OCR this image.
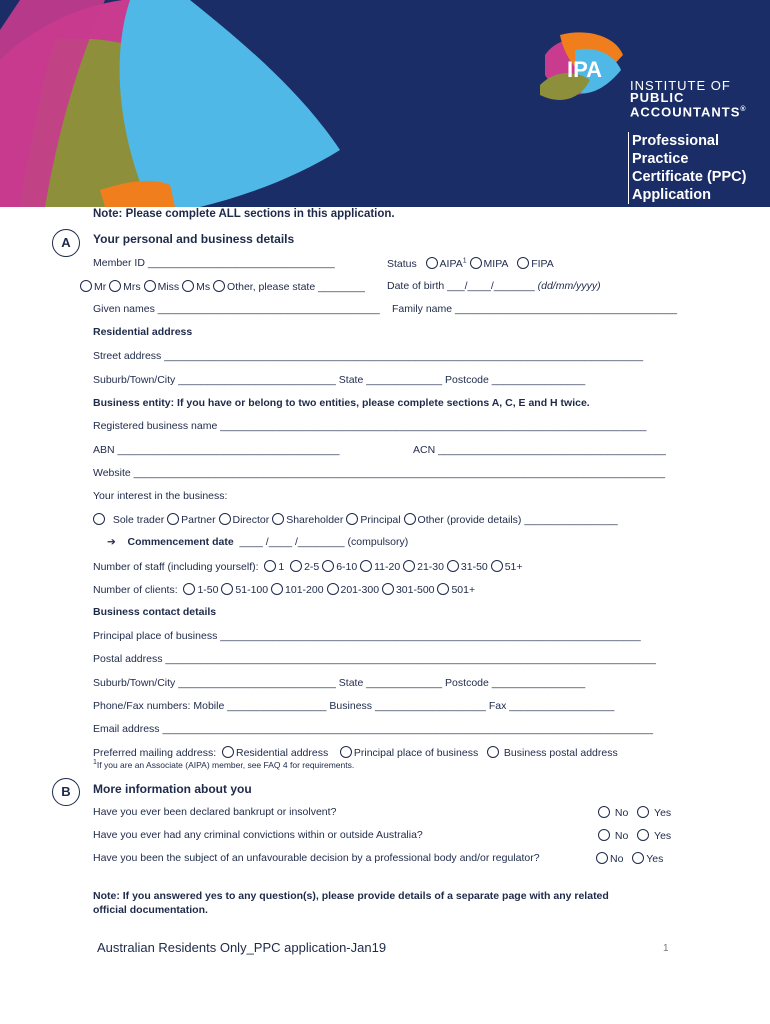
IPA
INSTITUTE OF
PUBLIC
ACCOUNTANTS®
Professional
Practice
Certificate (PPC)
Application
Note: Please complete ALL sections in this application.
A	Your personal and business details
Member ID ________________________________	Status AIPA$^1$ MIPA FIPA
Mr Mrs Miss Ms Other, please state ________ Date of birth ___/____/_______ (dd/mm/yyyy)
Given names ______________________________________ Family name ______________________________________
Residential address
Street address __________________________________________________________________________________
Suburb/Town/City ___________________________ State _____________ Postcode ________________
Business entity: If you have or belong to two entities, please complete sections A, C, E and H twice.
Registered business name _________________________________________________________________________
ABN ______________________________________	ACN _______________________________________
Website ___________________________________________________________________________________________
Your interest in the business:
Sole trader Partner Director Shareholder Principal Other (provide details) ________________
➔ Commencement date ____ /____ /________ (compulsory)
Number of staff (including yourself): 1 2-5 6-10 11-20 21-30 31-50 51+
Number of clients: 1-50 51-100 101-200 201-300 301-500 501+
Business contact details
Principal place of business ________________________________________________________________________
Postal address ____________________________________________________________________________________
Suburb/Town/City ___________________________ State _____________ Postcode ________________
Phone/Fax numbers: Mobile _________________ Business ___________________ Fax __________________
Email address ____________________________________________________________________________________
Preferred mailing address: Residential address Principal place of business Business postal address
$^1$If you are an Associate (AIPA) member, see FAQ 4 for requirements.
B	More information about you
Have you ever been declared bankrupt or insolvent?	No Yes
Have you ever had any criminal convictions within or outside Australia?	No Yes
Have you been the subject of an unfavourable decision by a professional body and/or regulator?	No Yes
Note: If you answered yes to any question(s), please provide details of a separate page with any related
official documentation.
Australian Residents Only_PPC application-Jan19	1
